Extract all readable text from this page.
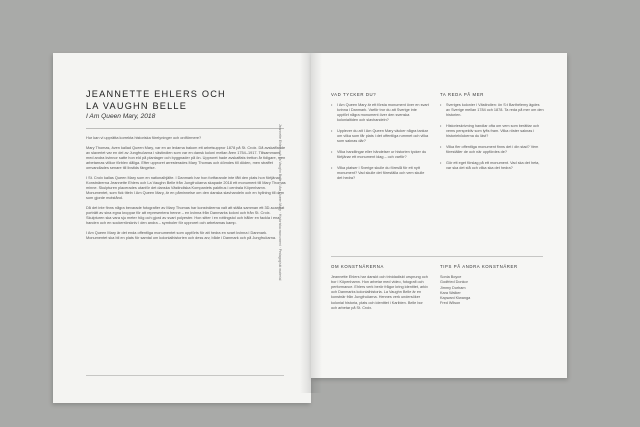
JEANNETTE EHLERS OCH
LA VAUGHN BELLE
I Am Queen Mary, 2018

Hur kan vi upprätta korrekta historiska förelyninger och ordförmere?

Mary Thomas, även kallad Queen Mary, var en av ledarna bakom ett arbetsuppror 1878 på St. Croix. Då avskaffande av slaveriet var en del av Jungfruöarna i västindien som var en dansk koloni mellan åren 1754–1917. Tillsammans med andra kvinnor satte hon eld på plantager och byggnader på ön. Upproret hade avskaffats tretton år tidigare, men arbetarnas villkor förblev dåliga. Efter upproret arresterades Mary Thomas och dömdes till döden, men straffet omvandlades senare till livstids fängelse.

I St. Croix kallas Queen Mary som en nationalhjälte. I Danmark har hon fortfarande inte fått den plats hon förtjänar. Konstnärerna Jeannette Ehlers och La Vaughn Belle från Jungfruöarna skapade 2018 ett monument till Mary Thomas minne. Skulpturen placerades utanför det danska Västindiska Kompaniets pakthus i centrala Köpenhamn. Monumentet, som fick titeln I Am Queen Mary, är en påminnelse om den danska slavhandeln och en hyllning till dem som gjorde motstånd.

Då det inte finns några bevarade fotografier av Mary Thomas har konstnärerna valt att ställa samman ett 3D-scannat porträtt av sina egna kroppar för att representera henne – en kvinna från Danmarks koloni och från St. Croix. Skulpturen ska vara sju meter hög och gjord av svart polyester. Hon sitter i en rottingstol och håller en fackla i ena handen och en sockerrörskniv i den andra – symboler för upproret och arbetarnas kamp.

I Am Queen Mary är det enda offentliga monumentet som uppförts för att hedra en svart kvinna i Danmark. Monumentet ska bli en plats för samtal om kolonialhistorien och dess arv, både i Danmark och på Jungfruöarna. Jeannette Ehlers och La Vaughn Belle · I Am Queen Mary · Historiska monument · Pedagogiskt material
VAD TYCKER DU?
• I Am Queen Mary är ett första monument över en svart kvinna i Danmark. Varför tror du att Sverige inte uppfört några monument över den svenska kolonialtiden och slavhandeln?
• Upplever du att I Am Queen Mary väcker några tankar om vilka som får plats i det offentliga rummet och vilka som saknas där?
• Vilka handlingar eller händelser ur historien tycker du förtjänar ett monument idag – och varför?
• Vilka platser i Sverige skulle du föreslå för ett nytt monument? Vad skulle det föreställa och vem skulle det hedra?
TA REDA PÅ MER
• Sveriges kolonier i Västindien: ön S:t Barthélemy ägdes av Sverige mellan 1784 och 1878. Ta reda på mer om den historien.
• Historieskrivning handlar ofta om vem som berättar och vems perspektiv som lyfts fram. Vilka röster saknas i historieböckerna du läst?
• Vilka fler offentliga monument finns det i din stad? Vem föreställer de och när uppfördes de?
• Gör ett eget förslag på ett monument. Vad ska det heta, var ska det stå och vilka ska det hedra?
OM KONSTNÄRERNA

Jeannette Ehlers har danskt och trinidadiskt ursprung och bor i Köpenhamn. Hon arbetar med video, fotografi och performance. Ehlers verk berör frågor kring identitet, arkiv och Danmarks kolonialhistoria. La Vaughn Belle är en konstnär från Jungfruöarna. Hennes verk undersöker kolonial historia, plats och identitet i Karibien. Belle bor och arbetar på St. Croix.

TIPS PÅ ANDRA KONSTNÄRER
Sonia Boyce
Godfried Donkor
Jimmy Durham
Kara Walker
Kapwani Kiwanga
Fred Wilson
